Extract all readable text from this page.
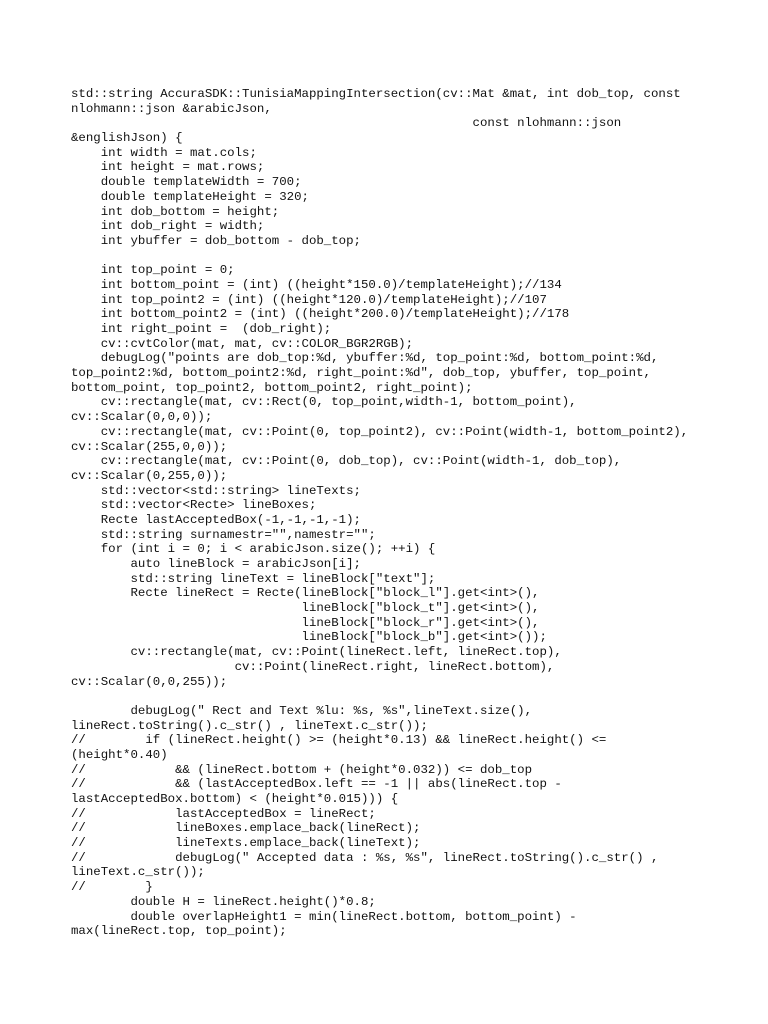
std::string AccuraSDK::TunisiaMappingIntersection(cv::Mat &mat, int dob_top, const
nlohmann::json &arabicJson,
const nlohmann::json
&englishJson) {
int width = mat.cols;
int height = mat.rows;
double templateWidth = 700;
double templateHeight = 320;
int dob_bottom = height;
int dob_right = width;
int ybuffer = dob_bottom - dob_top;
int top_point = 0;
int bottom_point = (int) ((height*150.0)/templateHeight);//134
int top_point2 = (int) ((height*120.0)/templateHeight);//107
int bottom_point2 = (int) ((height*200.0)/templateHeight);//178
int right_point =  (dob_right);
cv::cvtColor(mat, mat, cv::COLOR_BGR2RGB);
debugLog("points are dob_top:%d, ybuffer:%d, top_point:%d, bottom_point:%d,
top_point2:%d, bottom_point2:%d, right_point:%d", dob_top, ybuffer, top_point,
bottom_point, top_point2, bottom_point2, right_point);
cv::rectangle(mat, cv::Rect(0, top_point,width-1, bottom_point),
cv::Scalar(0,0,0));
cv::rectangle(mat, cv::Point(0, top_point2), cv::Point(width-1, bottom_point2),
cv::Scalar(255,0,0));
cv::rectangle(mat, cv::Point(0, dob_top), cv::Point(width-1, dob_top),
cv::Scalar(0,255,0));
std::vector<std::string> lineTexts;
std::vector<Recte> lineBoxes;
Recte lastAcceptedBox(-1,-1,-1,-1);
std::string surnamestr="",namestr="";
for (int i = 0; i < arabicJson.size(); ++i) {
auto lineBlock = arabicJson[i];
std::string lineText = lineBlock["text"];
Recte lineRect = Recte(lineBlock["block_l"].get<int>(),
lineBlock["block_t"].get<int>(),
lineBlock["block_r"].get<int>(),
lineBlock["block_b"].get<int>());
cv::rectangle(mat, cv::Point(lineRect.left, lineRect.top),
cv::Point(lineRect.right, lineRect.bottom),
cv::Scalar(0,0,255));
debugLog(" Rect and Text %lu: %s, %s",lineText.size(),
lineRect.toString().c_str() , lineText.c_str());
//        if (lineRect.height() >= (height*0.13) && lineRect.height() <=
(height*0.40)
//            && (lineRect.bottom + (height*0.032)) <= dob_top
//            && (lastAcceptedBox.left == -1 || abs(lineRect.top -
lastAcceptedBox.bottom) < (height*0.015))) {
//            lastAcceptedBox = lineRect;
//            lineBoxes.emplace_back(lineRect);
//            lineTexts.emplace_back(lineText);
//            debugLog(" Accepted data : %s, %s", lineRect.toString().c_str() ,
lineText.c_str());
//        }
double H = lineRect.height()*0.8;
double overlapHeight1 = min(lineRect.bottom, bottom_point) -
max(lineRect.top, top_point);
